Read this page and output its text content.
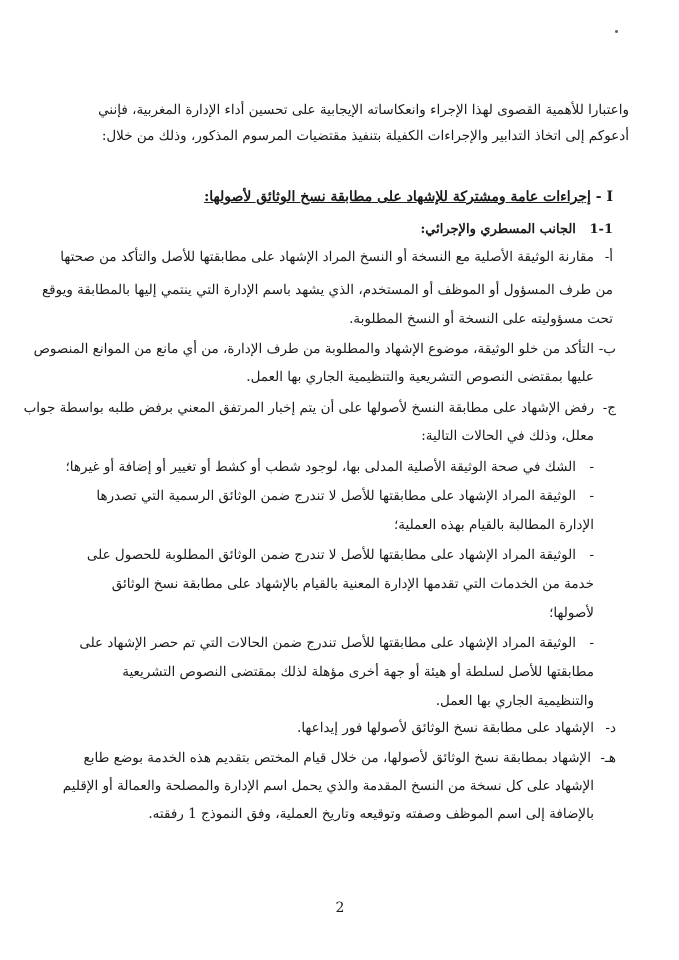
واعتبارا للأهمية القصوى لهذا الإجراء وانعكاساته الإيجابية على تحسين أداء الإدارة المغربية، فإنني
أدعوكم إلى اتخاذ التدابير والإجراءات الكفيلة بتنفيذ مقتضيات المرسوم المذكور، وذلك من خلال:
I - إجراءات عامة ومشتركة للإشهاد على مطابقة نسخ الوثائق لأصولها:
1-1   الجانب المسطري والإجرائي:
أ-
مقارنة الوثيقة الأصلية مع النسخة أو النسخ المراد الإشهاد على مطابقتها للأصل والتأكد من صحتها
من طرف المسؤول أو الموظف أو المستخدم، الذي يشهد باسم الإدارة التي ينتمي إليها بالمطابقة ويوقع
تحت مسؤوليته على النسخة أو النسخ المطلوبة.
ب-
التأكد من خلو الوثيقة، موضوع الإشهاد والمطلوبة من طرف الإدارة، من أي مانع من الموانع المنصوص
عليها بمقتضى النصوص التشريعية والتنظيمية الجاري بها العمل.
ج-
رفض الإشهاد على مطابقة النسخ لأصولها على أن يتم إخبار المرتفق المعني برفض طلبه بواسطة جواب
معلل، وذلك في الحالات التالية:
-
الشك في صحة الوثيقة الأصلية المدلى بها، لوجود شطب أو كشط أو تغيير أو إضافة أو غيرها؛
-
الوثيقة المراد الإشهاد على مطابقتها للأصل لا تندرج ضمن الوثائق الرسمية التي تصدرها
الإدارة المطالبة بالقيام بهذه العملية؛
-
الوثيقة المراد الإشهاد على مطابقتها للأصل لا تندرج ضمن الوثائق المطلوبة للحصول على
خدمة من الخدمات التي تقدمها الإدارة المعنية بالقيام بالإشهاد على مطابقة نسخ الوثائق
لأصولها؛
-
الوثيقة المراد الإشهاد على مطابقتها للأصل تندرج ضمن الحالات التي تم حصر الإشهاد على
مطابقتها للأصل لسلطة أو هيئة أو جهة أخرى مؤهلة لذلك بمقتضى النصوص التشريعية
والتنظيمية الجاري بها العمل.
د-
الإشهاد على مطابقة نسخ الوثائق لأصولها فور إيداعها.
هـ-
الإشهاد بمطابقة نسخ الوثائق لأصولها، من خلال قيام المختص بتقديم هذه الخدمة بوضع طابع
الإشهاد على كل نسخة من النسخ المقدمة والذي يحمل اسم الإدارة والمصلحة والعمالة أو الإقليم
بالإضافة إلى اسم الموظف وصفته وتوقيعه وتاريخ العملية، وفق النموذج 1 رفقته.
2
